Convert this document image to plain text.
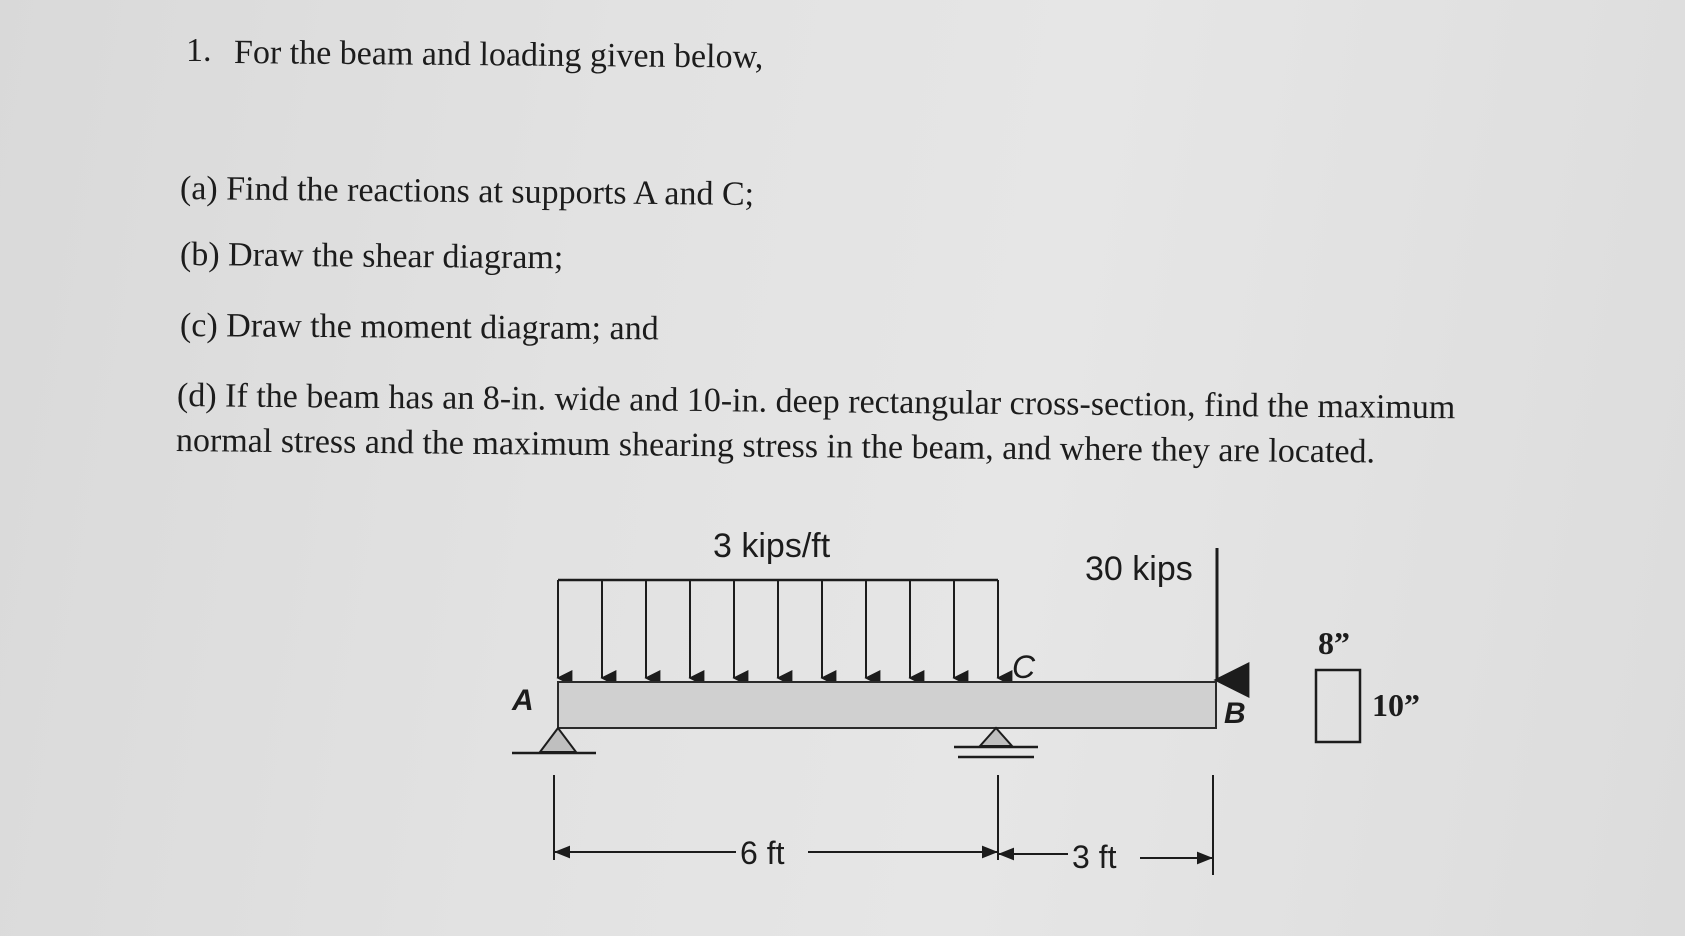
1. For the beam and loading given below,
(a) Find the reactions at supports A and C;
(b) Draw the shear diagram;
(c) Draw the moment diagram; and
(d) If the beam has an 8-in. wide and 10-in. deep rectangular cross-section, find the maximum
normal stress and the maximum shearing stress in the beam, and where they are located.
3 kips/ft
30 kips
A
C
B
6 ft	3 ft
8”
10”
